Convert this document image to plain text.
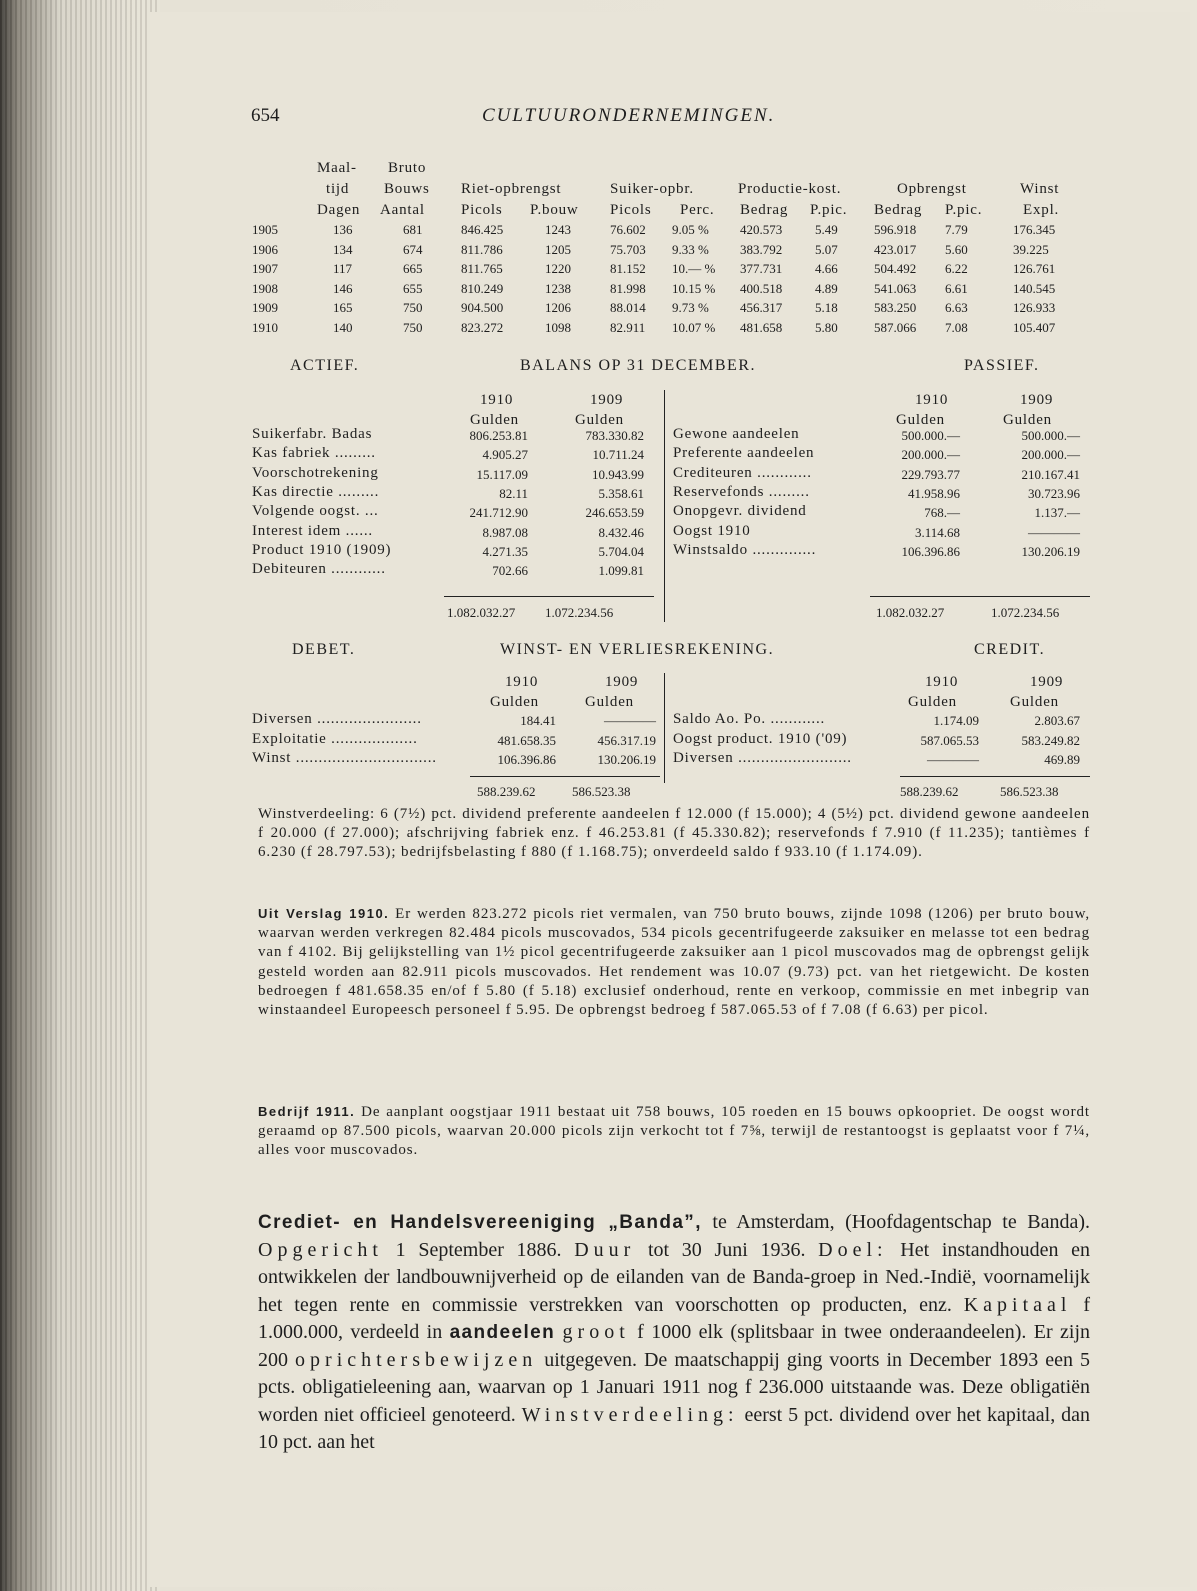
654	CULTUURONDERNEMINGEN.
Maal- Bruto
tijd Bouws Riet-opbrengst	Suiker-opbr.	Productie-kost.	Opbrengst	Winst
Dagen Aantal Picols P.bouw Picols Perc. Bedrag P.pic. Bedrag P.pic.	Expl.
1905	136	681	846.425	1243	76.602 9.05 % 420.573	5.49	596.918 7.79	176.345
1906	134	674	811.786	1205	75.703 9.33 % 383.792	5.07	423.017 5.60	39.225
1907	117	665	811.765	1220	81.152 10.— % 377.731	4.66	504.492 6.22	126.761
1908	146	655	810.249	1238	81.998 10.15 % 400.518	4.89	541.063 6.61	140.545
1909	165	750	904.500	1206	88.014 9.73 % 456.317	5.18	583.250 6.63	126.933
1910	140	750	823.272	1098	82.911 10.07 % 481.658	5.80	587.066 7.08	105.407
ACTIEF.	BALANS OP 31 DECEMBER.	PASSIEF.
1910	1909	1910	1909
Gulden	Gulden	Gulden	Gulden
Suikerfabr. Badas	806.253.81	783.330.82
Kas fabriek .........	4.905.27	10.711.24
Voorschotrekening	15.117.09	10.943.99
Kas directie .........	82.11	5.358.61
Volgende oogst. ...	241.712.90	246.653.59
Interest idem ......	8.987.08	8.432.46
Product 1910 (1909)	4.271.35	5.704.04
Debiteuren ............	702.66	1.099.81
Gewone aandeelen	500.000.—	500.000.—
Preferente aandeelen	200.000.—	200.000.—
Crediteuren ............	229.793.77	210.167.41
Reservefonds .........	41.958.96	30.723.96
Onopgevr. dividend	768.—	1.137.—
Oogst 1910	3.114.68	————
Winstsaldo ..............	106.396.86	130.206.19
1.082.032.27 1.072.234.56	1.082.032.27	1.072.234.56
DEBET.	WINST- EN VERLIESREKENING.	CREDIT.
1910	1909	1910	1909
Gulden	Gulden	Gulden	Gulden
Diversen .......................	184.41	————
Exploitatie ...................	481.658.35	456.317.19
Winst ...............................	106.396.86	130.206.19
Saldo Ao. Po. ............	1.174.09	2.803.67
Oogst product. 1910 ('09)	587.065.53	583.249.82
Diversen .........................	————	469.89
588.239.62	586.523.38	588.239.62	586.523.38
Winstverdeeling: 6 (7½) pct. dividend preferente aandeelen f 12.000 (f 15.000); 4 (5½) pct. dividend gewone aandeelen f 20.000 (f 27.000); afschrijving fabriek enz. f 46.253.81 (f 45.330.82); reservefonds f 7.910 (f 11.235); tantièmes f 6.230 (f 28.797.53); bedrijfsbelasting f 880 (f 1.168.75); onverdeeld saldo f 933.10 (f 1.174.09).
Uit Verslag 1910. Er werden 823.272 picols riet vermalen, van 750 bruto bouws, zijnde 1098 (1206) per bruto bouw, waarvan werden verkregen 82.484 picols muscovados, 534 picols gecentrifugeerde zaksuiker en melasse tot een bedrag van f 4102. Bij gelijkstelling van 1½ picol gecentrifugeerde zaksuiker aan 1 picol muscovados mag de opbrengst gelijk gesteld worden aan 82.911 picols muscovados. Het rendement was 10.07 (9.73) pct. van het rietgewicht. De kosten bedroegen f 481.658.35 en/of f 5.80 (f 5.18) exclusief onderhoud, rente en verkoop, commissie en met inbegrip van winstaandeel Europeesch personeel f 5.95. De opbrengst bedroeg f 587.065.53 of f 7.08 (f 6.63) per picol.
Bedrijf 1911. De aanplant oogstjaar 1911 bestaat uit 758 bouws, 105 roeden en 15 bouws opkoopriet. De oogst wordt geraamd op 87.500 picols, waarvan 20.000 picols zijn verkocht tot f 7⅝, terwijl de restantoogst is geplaatst voor f 7¼, alles voor muscovados.
Crediet- en Handelsvereeniging „Banda”, te Amsterdam, (Hoofdagentschap te Banda). Opgericht 1 September 1886. Duur tot 30 Juni 1936. Doel: Het instandhouden en ontwikkelen der landbouwnijverheid op de eilanden van de Banda-groep in Ned.-Indië, voornamelijk het tegen rente en commissie verstrekken van voorschotten op producten, enz. Kapitaal f 1.000.000, verdeeld in aandeelen groot f 1000 elk (splitsbaar in twee onderaandeelen). Er zijn 200 oprichtersbewijzen uitgegeven. De maatschappij ging voorts in December 1893 een 5 pcts. obligatieleening aan, waarvan op 1 Januari 1911 nog f 236.000 uitstaande was. Deze obligatiën worden niet officieel genoteerd. Winstverdeeling: eerst 5 pct. dividend over het kapitaal, dan 10 pct. aan het
